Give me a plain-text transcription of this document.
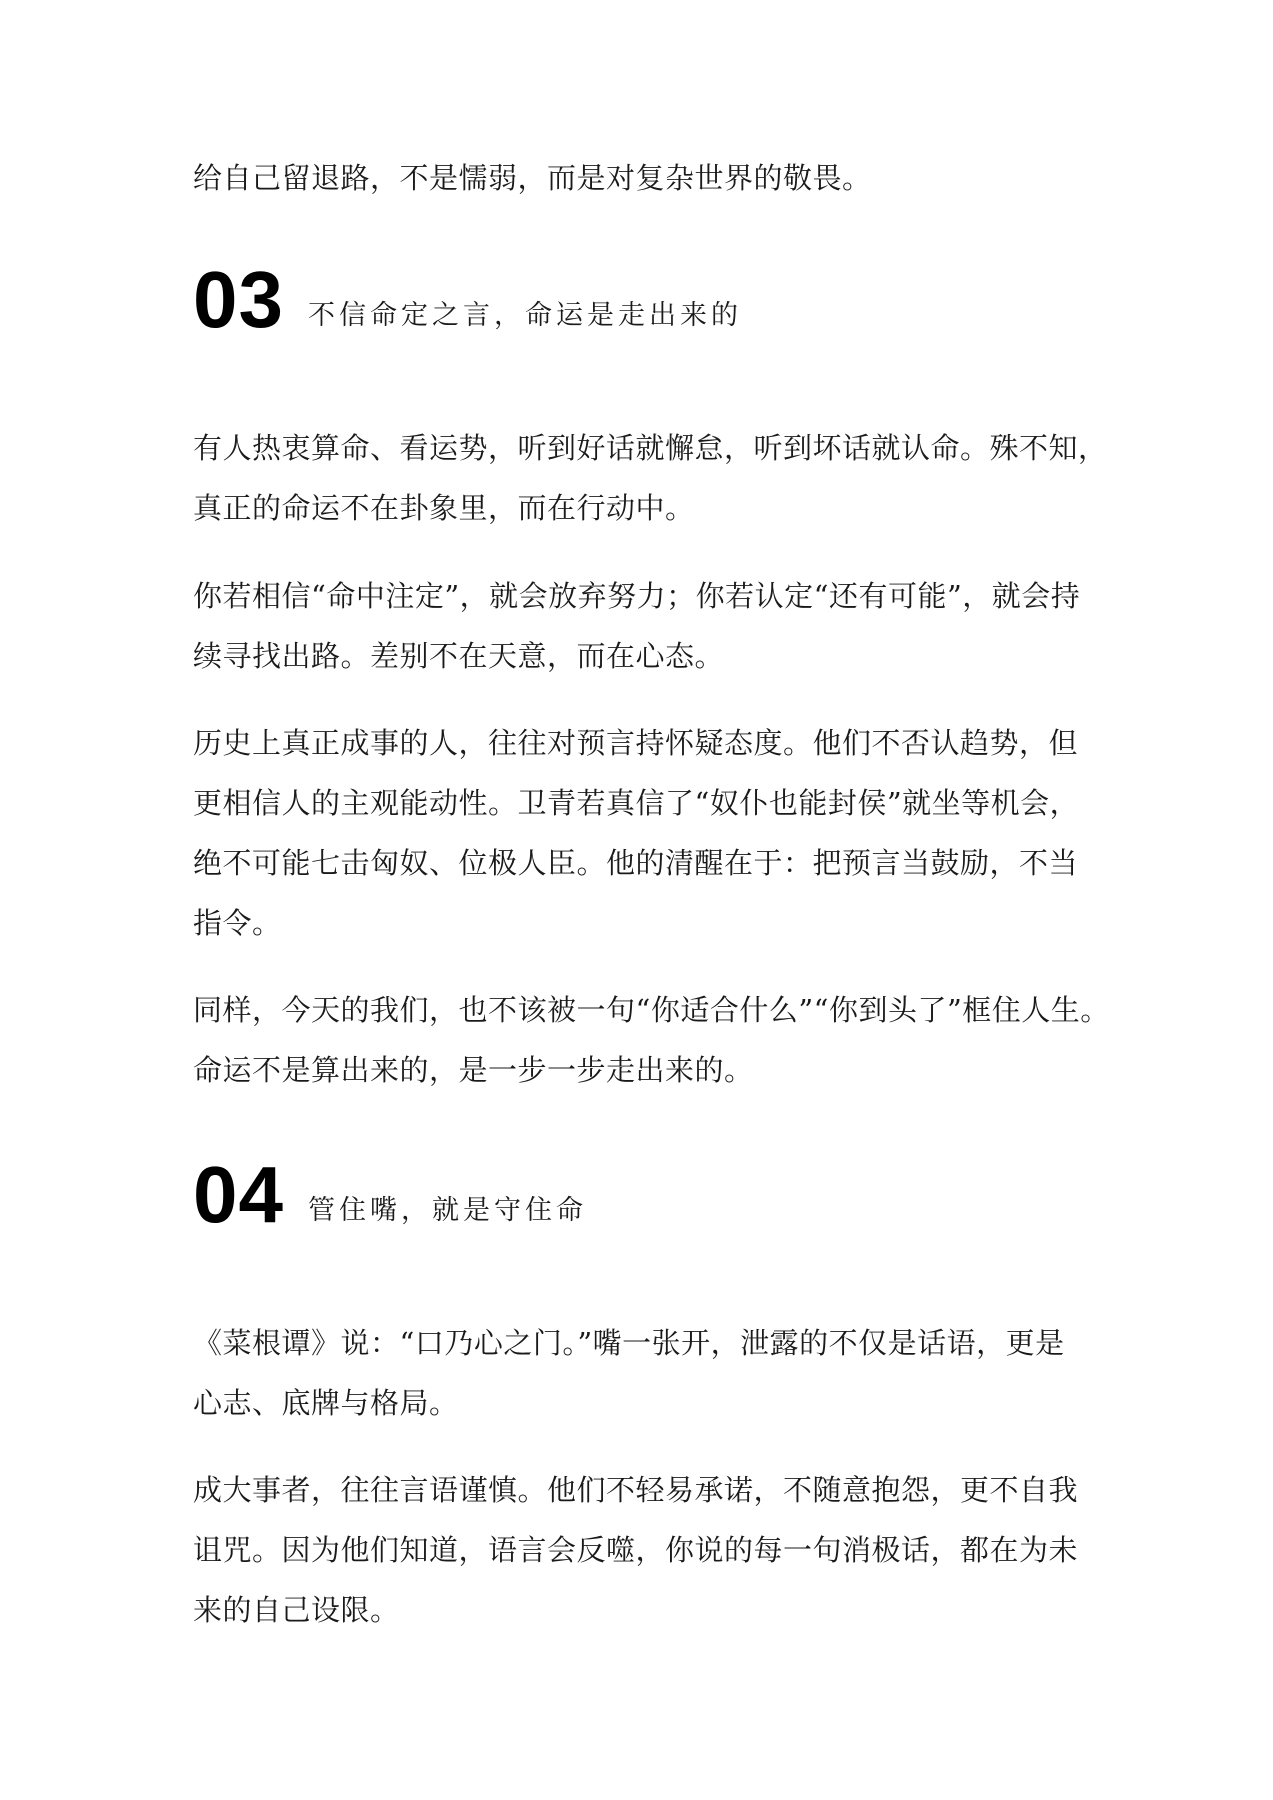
给自己留退路，不是懦弱，而是对复杂世界的敬畏。

03 不信命定之言，命运是走出来的

有人热衷算命、看运势，听到好话就懈怠，听到坏话就认命。殊不知，
真正的命运不在卦象里，而在行动中。

你若相信“命中注定”，就会放弃努力；你若认定“还有可能”，就会持
续寻找出路。差别不在天意，而在心态。

历史上真正成事的人，往往对预言持怀疑态度。他们不否认趋势，但
更相信人的主观能动性。卫青若真信了“奴仆也能封侯”就坐等机会，
绝不可能七击匈奴、位极人臣。他的清醒在于：把预言当鼓励，不当
指令。

同样，今天的我们，也不该被一句“你适合什么”“你到头了”框住人生。
命运不是算出来的，是一步一步走出来的。

04 管住嘴，就是守住命

《菜根谭》说：“口乃心之门。”嘴一张开，泄露的不仅是话语，更是
心志、底牌与格局。

成大事者，往往言语谨慎。他们不轻易承诺，不随意抱怨，更不自我
诅咒。因为他们知道，语言会反噬，你说的每一句消极话，都在为未
来的自己设限。
